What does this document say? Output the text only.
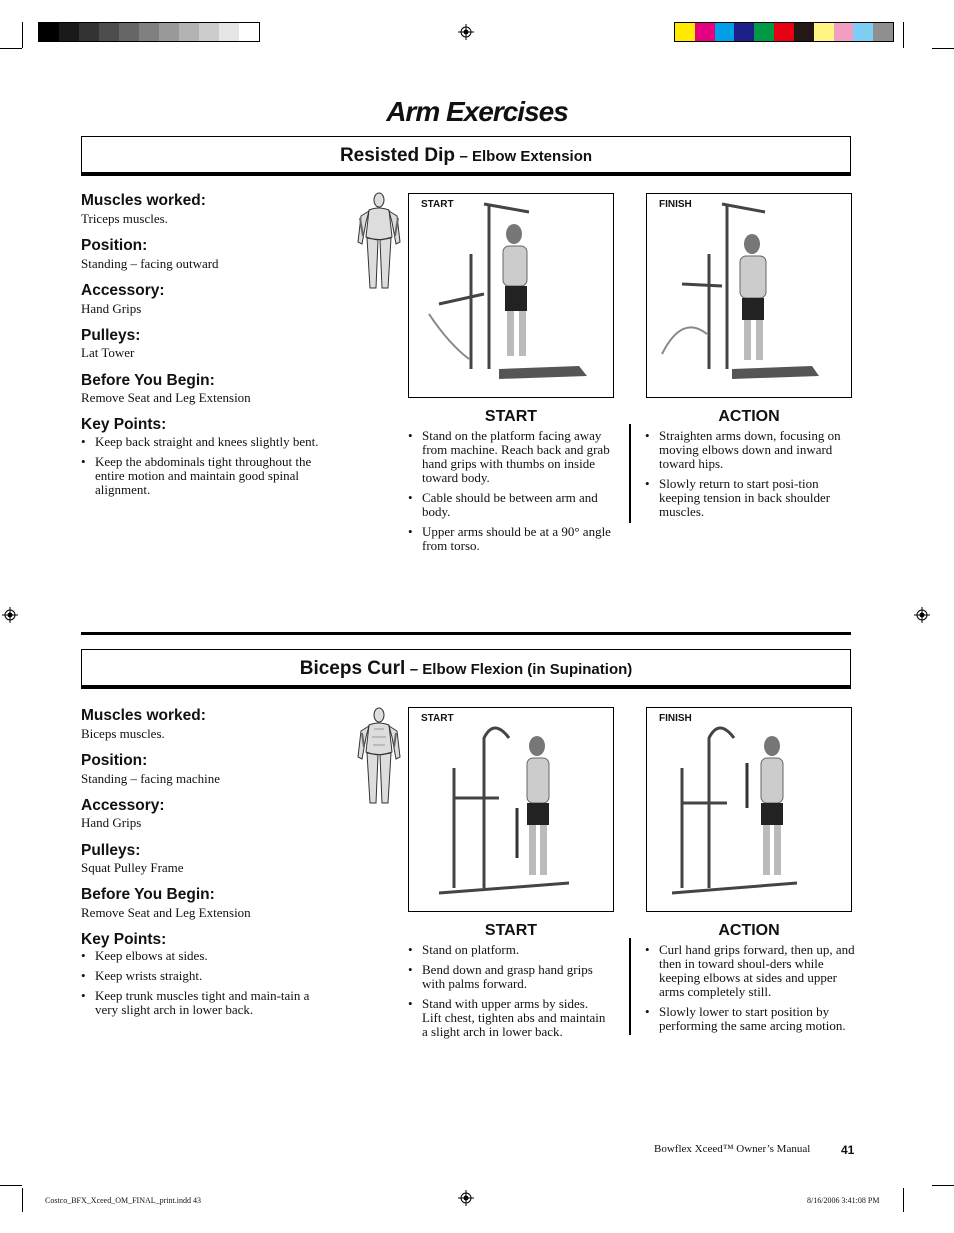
Arm Exercises
Resisted Dip – Elbow Extension
Muscles worked:
Triceps muscles.
Position:
Standing – facing outward
Accessory:
Hand Grips
Pulleys:
Lat Tower
Before You Begin:
Remove Seat and Leg Extension
Key Points:
• Keep back straight and knees slightly bent.
• Keep the abdominals tight throughout the entire motion and maintain good spinal alignment.
START	FINISH
START	ACTION
• Stand on the platform facing away from machine. Reach back and grab hand grips with thumbs on inside toward body.
• Cable should be between arm and body.
• Upper arms should be at a 90° angle from torso.
• Straighten arms down, focusing on moving elbows down and inward toward hips.
• Slowly return to start posi-tion keeping tension in back shoulder muscles.
Biceps Curl – Elbow Flexion (in Supination)
Muscles worked:
Biceps muscles.
Position:
Standing – facing machine
Accessory:
Hand Grips
Pulleys:
Squat Pulley Frame
Before You Begin:
Remove Seat and Leg Extension
Key Points:
• Keep elbows at sides.
• Keep wrists straight.
• Keep trunk muscles tight and main-tain a very slight arch in lower back.
START	FINISH
START	ACTION
• Stand on platform.
• Bend down and grasp hand grips with palms forward.
• Stand with upper arms by sides. Lift chest, tighten abs and maintain a slight arch in lower back.
• Curl hand grips forward, then up, and then in toward shoul-ders while keeping elbows at sides and upper arms completely still.
• Slowly lower to start position by performing the same arcing motion.
Bowflex Xceed™ Owner’s Manual	41
Costco_BFX_Xceed_OM_FINAL_print.indd 43	8/16/2006 3:41:08 PM
